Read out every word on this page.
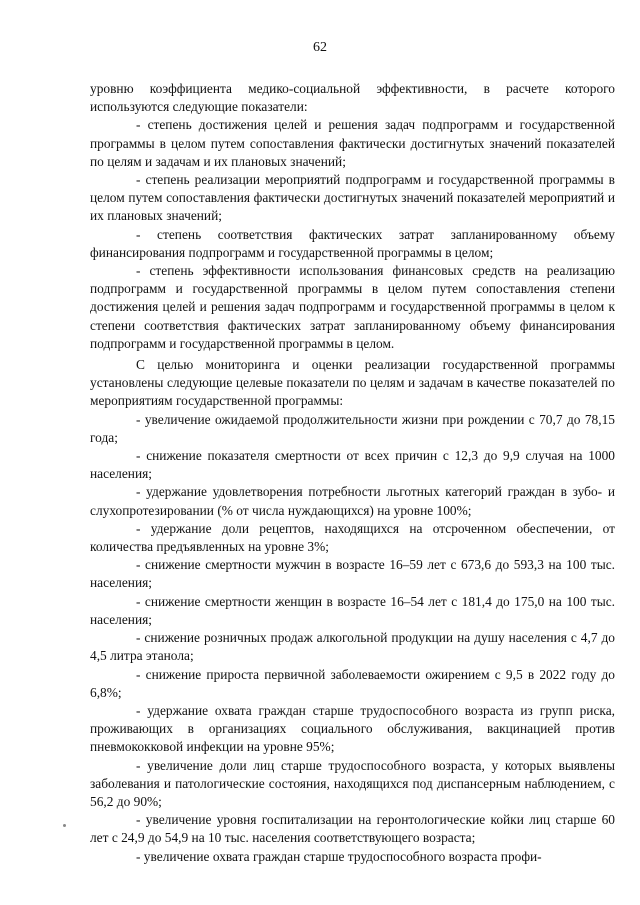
62

уровню коэффициента медико-социальной эффективности, в расчете которого используются следующие показатели:

- степень достижения целей и решения задач подпрограмм и государственной программы в целом путем сопоставления фактически достигнутых значений показателей по целям и задачам и их плановых значений;

- степень реализации мероприятий подпрограмм и государственной программы в целом путем сопоставления фактически достигнутых значений показателей мероприятий и их плановых значений;

- степень соответствия фактических затрат запланированному объему финансирования подпрограмм и государственной программы в целом;

- степень эффективности использования финансовых средств на реализацию подпрограмм и государственной программы в целом путем сопоставления степени достижения целей и решения задач подпрограмм и государственной программы в целом к степени соответствия фактических затрат запланированному объему финансирования подпрограмм и государственной программы в целом.

С целью мониторинга и оценки реализации государственной программы установлены следующие целевые показатели по целям и задачам в качестве показателей по мероприятиям государственной программы:

- увеличение ожидаемой продолжительности жизни при рождении с 70,7 до 78,15 года;

- снижение показателя смертности от всех причин с 12,3 до 9,9 случая на 1000 населения;

- удержание удовлетворения потребности льготных категорий граждан в зубо- и слухопротезировании (% от числа нуждающихся) на уровне 100%;

- удержание доли рецептов, находящихся на отсроченном обеспечении, от количества предъявленных на уровне 3%;

- снижение смертности мужчин в возрасте 16–59 лет с 673,6 до 593,3 на 100 тыс. населения;

- снижение смертности женщин в возрасте 16–54 лет с 181,4 до 175,0 на 100 тыс. населения;

- снижение розничных продаж алкогольной продукции на душу населения с 4,7 до 4,5 литра этанола;

- снижение прироста первичной заболеваемости ожирением с 9,5 в 2022 году до 6,8%;

- удержание охвата граждан старше трудоспособного возраста из групп риска, проживающих в организациях социального обслуживания, вакцинацией против пневмококковой инфекции на уровне 95%;

- увеличение доли лиц старше трудоспособного возраста, у которых выявлены заболевания и патологические состояния, находящихся под диспансерным наблюдением, с 56,2 до 90%;

- увеличение уровня госпитализации на геронтологические койки лиц старше 60 лет с 24,9 до 54,9 на 10 тыс. населения соответствующего возраста;

- увеличение охвата граждан старше трудоспособного возраста профи-
